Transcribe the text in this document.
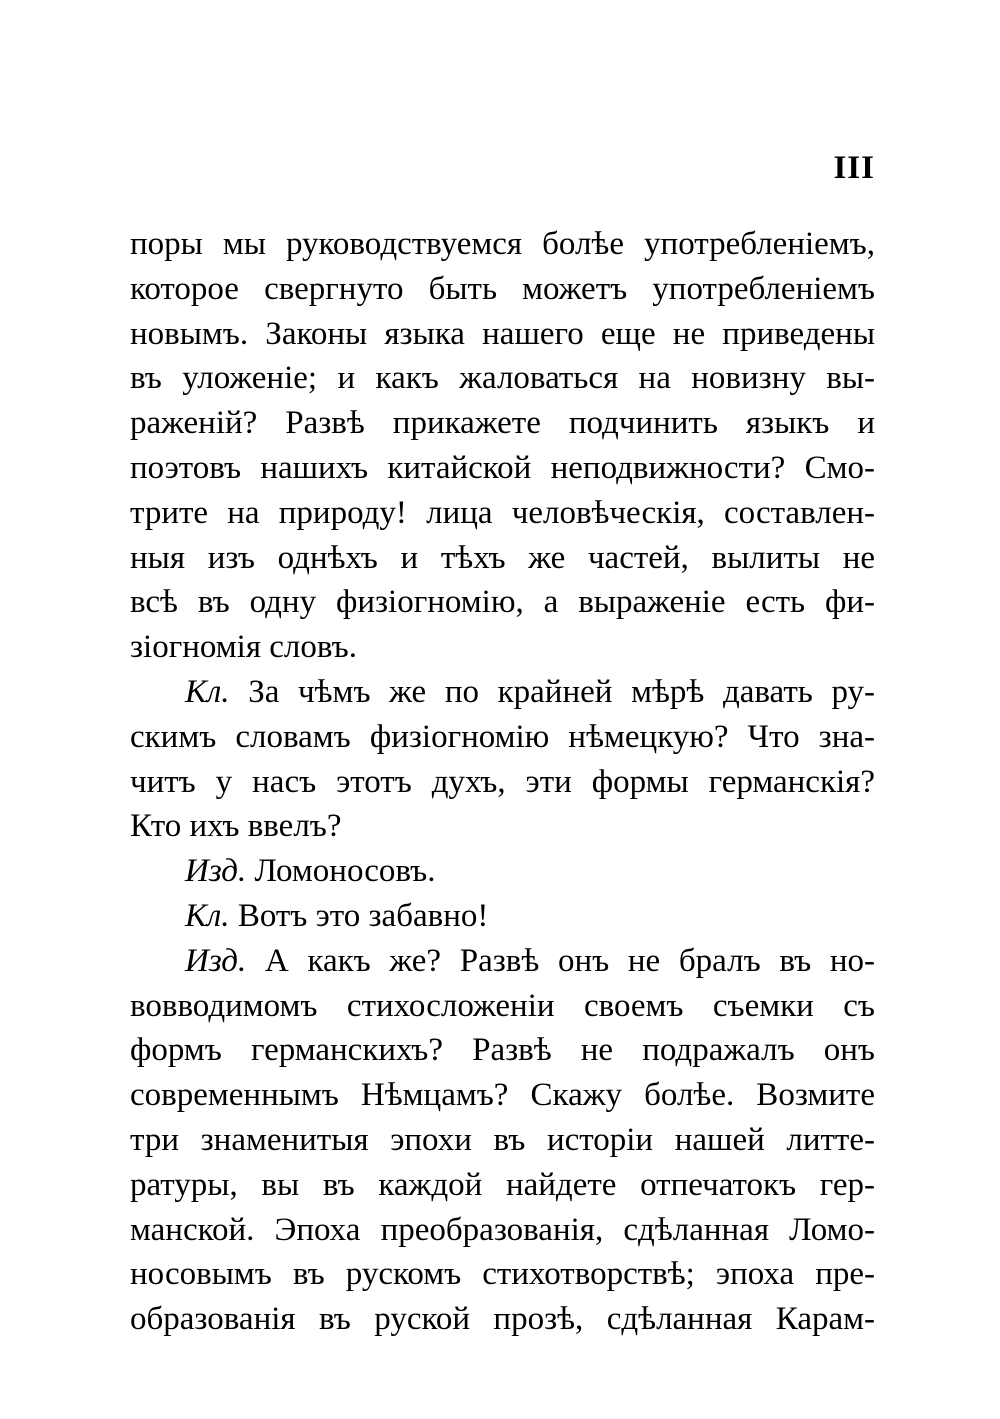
III
поры мы руководствуемся болѣе употребленіемъ,
которое свергнуто быть можетъ употребленіемъ
новымъ. Законы языка нашего еще не приведены
въ уложеніе; и какъ жаловаться на новизну вы-
раженій? Развѣ прикажете подчинить языкъ и
поэтовъ нашихъ китайской неподвижности? Смо-
трите на природу! лица человѣческія, составлен-
ныя изъ однѣхъ и тѣхъ же частей, вылиты не
всѣ въ одну физіогномію, а выраженіе есть фи-
зіогномія словъ.
Кл. За чѣмъ же по крайней мѣрѣ давать ру-
скимъ словамъ физіогномію нѣмецкую? Что зна-
читъ у насъ этотъ духъ, эти формы германскія?
Кто ихъ ввелъ?
Изд. Ломоносовъ.
Кл. Вотъ это забавно!
Изд. А какъ же? Развѣ онъ не бралъ въ но-
вовводимомъ стихосложеніи своемъ съемки съ
формъ германскихъ? Развѣ не подражалъ онъ
современнымъ Нѣмцамъ? Скажу болѣе. Возмите
три знаменитыя эпохи въ исторіи нашей литте-
ратуры, вы въ каждой найдете отпечатокъ гер-
манской. Эпоха преобразованія, сдѣланная Ломо-
носовымъ въ рускомъ стихотворствѣ; эпоха пре-
образованія въ руской прозѣ, сдѣланная Карам-
